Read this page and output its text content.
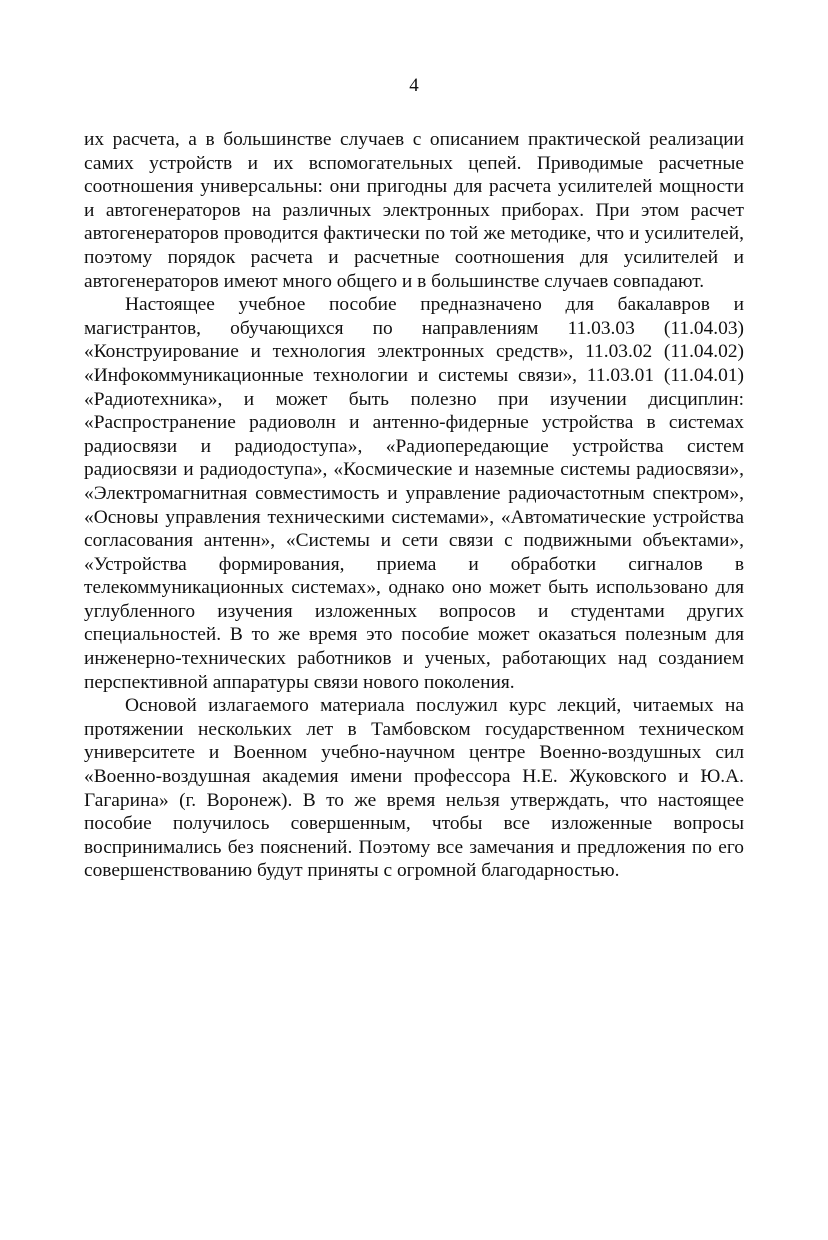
4

их расчета, а в большинстве случаев с описанием практической реализации самих устройств и их вспомогательных цепей. Приводимые расчетные соотношения универсальны: они пригодны для расчета усилителей мощности и автогенераторов на различных электронных приборах. При этом расчет автогенераторов проводится фактически по той же методике, что и усилителей, поэтому порядок расчета и расчетные соотношения для усилителей и автогенераторов имеют много общего и в большинстве случаев совпадают.

Настоящее учебное пособие предназначено для бакалавров и магистрантов, обучающихся по направлениям 11.03.03 (11.04.03) «Конструирование и технология электронных средств», 11.03.02 (11.04.02) «Инфокоммуникационные технологии и системы связи», 11.03.01 (11.04.01) «Радиотехника», и может быть полезно при изучении дисциплин: «Распространение радиоволн и антенно-фидерные устройства в системах радиосвязи и радиодоступа», «Радиопередающие устройства систем радиосвязи и радиодоступа», «Космические и наземные системы радиосвязи», «Электромагнитная совместимость и управление радиочастотным спектром», «Основы управления техническими системами», «Автоматические устройства согласования антенн», «Системы и сети связи с подвижными объектами», «Устройства формирования, приема и обработки сигналов в телекоммуникационных системах», однако оно может быть использовано для углубленного изучения изложенных вопросов и студентами других специальностей. В то же время это пособие может оказаться полезным для инженерно-технических работников и ученых, работающих над созданием перспективной аппаратуры связи нового поколения.

Основой излагаемого материала послужил курс лекций, читаемых на протяжении нескольких лет в Тамбовском государственном техническом университете и Военном учебно-научном центре Военно-воздушных сил «Военно-воздушная академия имени профессора Н.Е. Жуковского и Ю.А. Гагарина» (г. Воронеж). В то же время нельзя утверждать, что настоящее пособие получилось совершенным, чтобы все изложенные вопросы воспринимались без пояснений. Поэтому все замечания и предложения по его совершенствованию будут приняты с огромной благодарностью.
